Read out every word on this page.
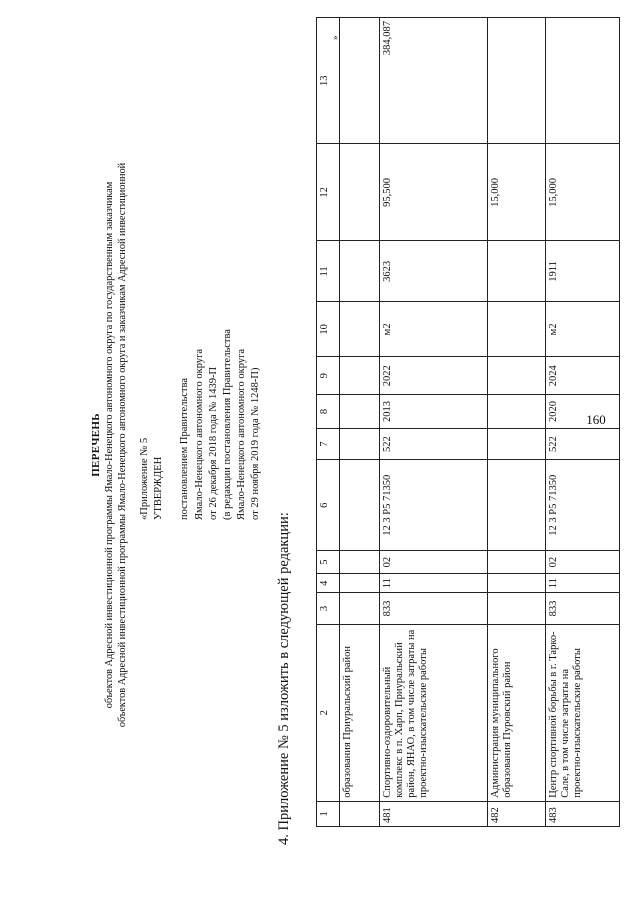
160
»
1	2	3	4	5	6	7	8	9	10	11	12	13
	образования Приуральский район											
481	Спортивно-оздоровительный комплекс в п. Харп, Приуральский район, ЯНАО, в том числе затраты на проектно-изыскательские работы	833	11	02	12 3 P5 71350	522	2013	2022	м2	3623	95,500	384,087
482	Администрация муниципального образования Пуровский район										15,000	
483	Центр спортивной борьбы в г. Тарко-Сале, в том числе затраты на проектно-изыскательские работы	833	11	02	12 3 P5 71350	522	2020	2024	м2	1911	15,000	
4. Приложение № 5 изложить в следующей редакции:
«Приложение № 5 УТВЕРЖДЕН постановлением Правительства Ямало-Ненецкого автономного округа от 26 декабря 2018 года № 1439-П (в редакции постановления Правительства Ямало-Ненецкого автономного округа от 29 ноября 2019 года № 1248-П)
ПЕРЕЧЕНЬ объектов Адресной инвестиционной программы Ямало-Ненецкого автономного округа по государственным заказчикам объектов Адресной инвестиционной программы Ямало-Ненецкого автономного округа и заказчикам Адресной инвестиционной
